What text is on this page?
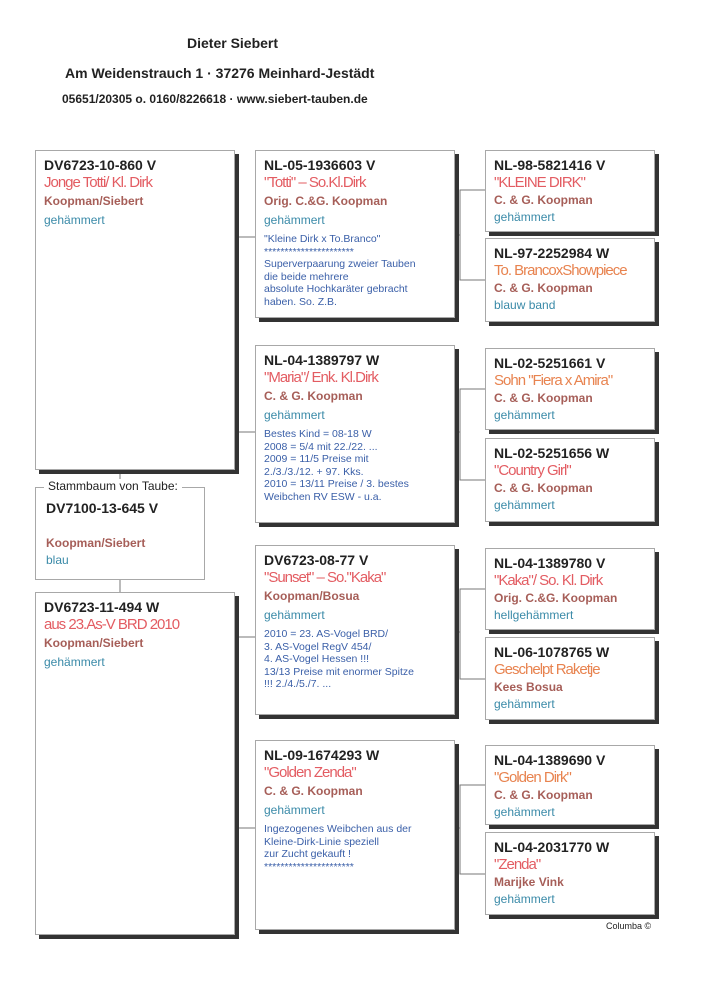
Dieter Siebert
Am Weidenstrauch 1 · 37276 Meinhard-Jestädt
05651/20305 o. 0160/8226618 · www.siebert-tauben.de
Stammbaum von Taube:
DV7100-13-645 V
Koopman/Siebert
blau
DV6723-10-860 V
Jonge Totti/ Kl. Dirk
Koopman/Siebert
gehämmert
DV6723-11-494 W
aus 23.As-V BRD 2010
Koopman/Siebert
gehämmert
NL-05-1936603 V
"Totti" – So.Kl.Dirk
Orig. C.&G. Koopman
gehämmert
"Kleine Dirk x To.Branco"
**********************
Superverpaarung zweier Tauben
die beide mehrere
absolute Hochkaräter gebracht
haben. So. Z.B.
NL-04-1389797 W
"Maria"/ Enk. Kl.Dirk
C. & G. Koopman
gehämmert
Bestes Kind = 08-18 W
2008 = 5/4 mit 22./22. ...
2009 = 11/5 Preise mit
2./3./3./12. + 97. Kks.
2010 = 13/11 Preise / 3. bestes
Weibchen RV ESW - u.a.
DV6723-08-77 V
"Sunset" – So."Kaka"
Koopman/Bosua
gehämmert
2010 = 23. AS-Vogel BRD/
3. AS-Vogel RegV 454/
4. AS-Vogel Hessen !!!
13/13 Preise mit enormer Spitze
!!! 2./4./5./7. ...
NL-09-1674293 W
"Golden Zenda"
C. & G. Koopman
gehämmert
Ingezogenes Weibchen aus der
Kleine-Dirk-Linie speziell
zur Zucht gekauft !
**********************
NL-98-5821416 V
"KLEINE DIRK"
C. & G. Koopman
gehämmert
NL-97-2252984 W
To. BrancoxShowpiece
C. & G. Koopman
blauw band
NL-02-5251661 V
Sohn "Fiera x Amira"
C. & G. Koopman
gehämmert
NL-02-5251656 W
"Country Girl"
C. & G. Koopman
gehämmert
NL-04-1389780 V
"Kaka"/ So. Kl. Dirk
Orig. C.&G. Koopman
hellgehämmert
NL-06-1078765 W
Geschelpt Raketje
Kees Bosua
gehämmert
NL-04-1389690 V
"Golden Dirk"
C. & G. Koopman
gehämmert
NL-04-2031770 W
"Zenda"
Marijke Vink
gehämmert
Columba ©
